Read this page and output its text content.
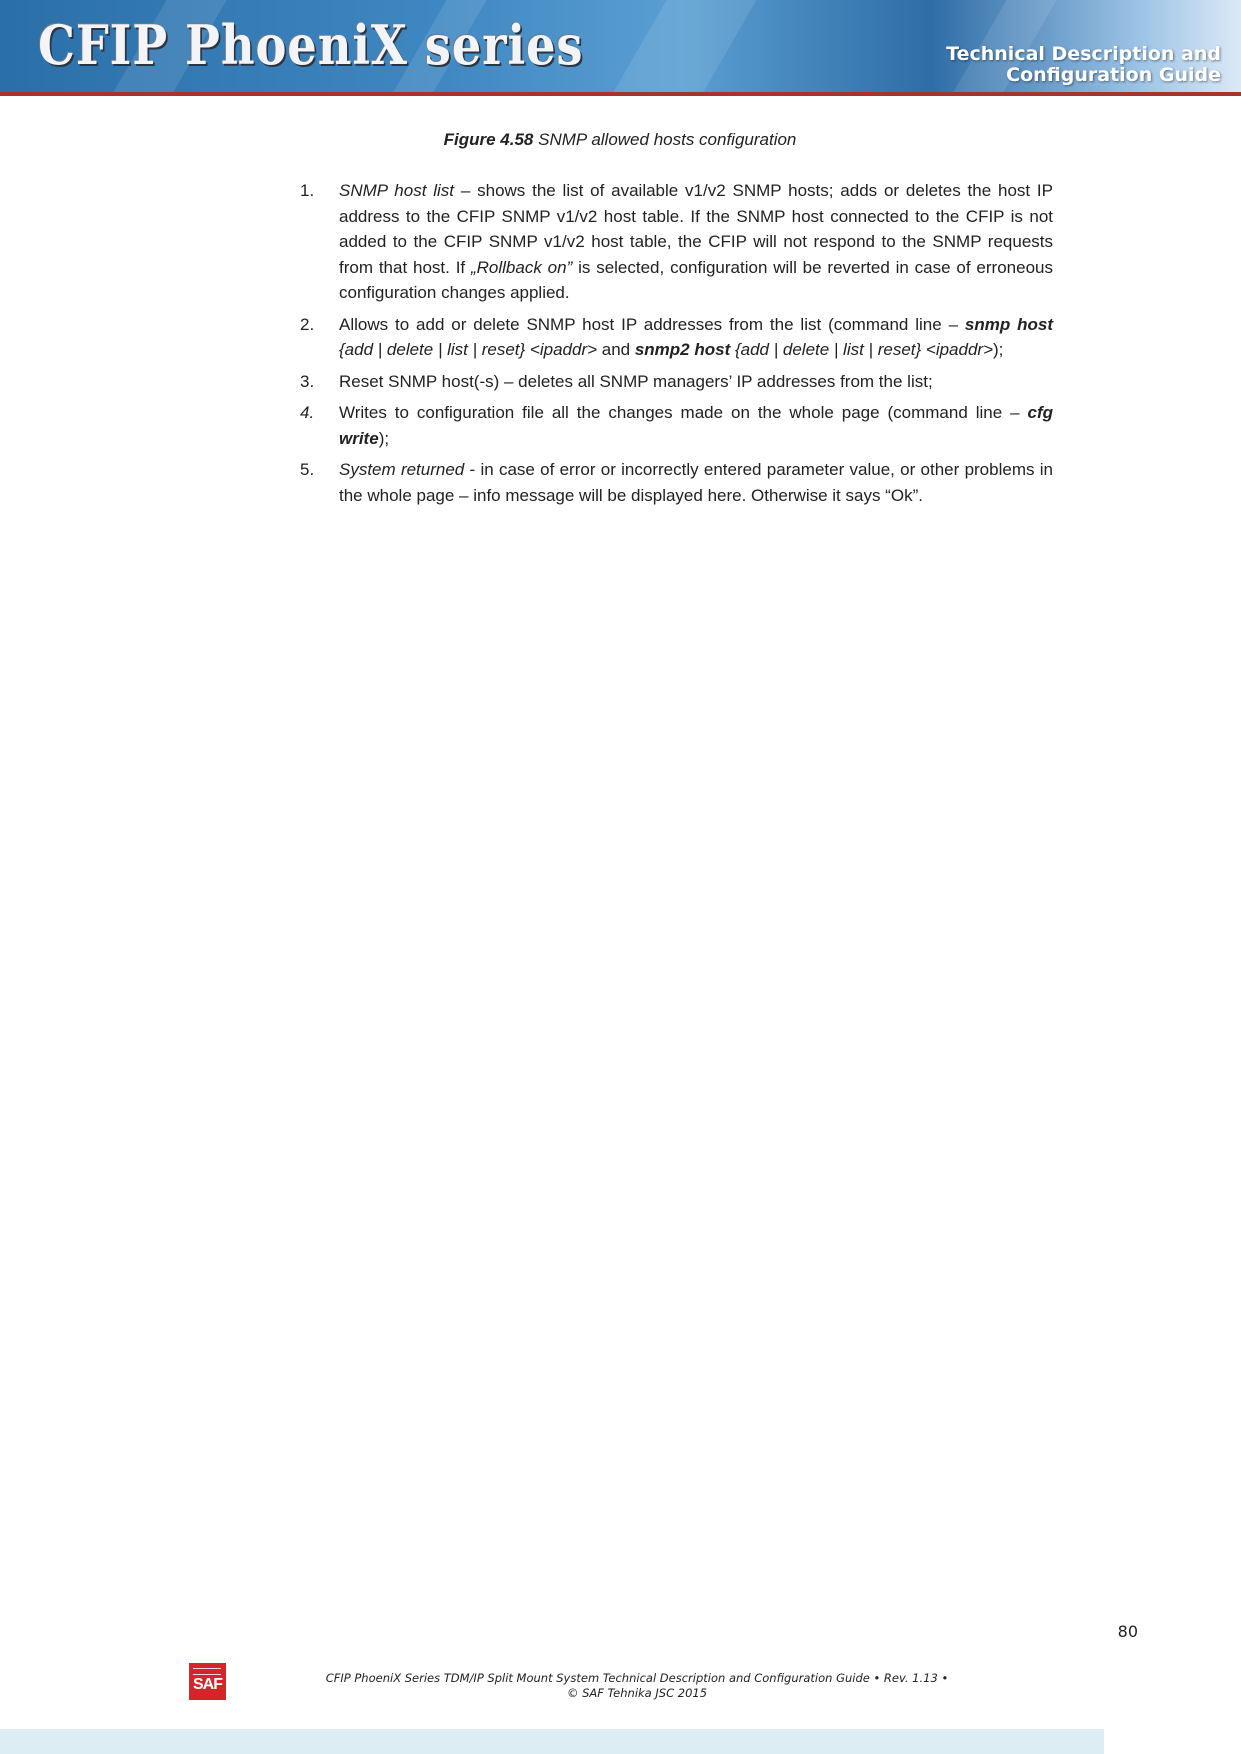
CFIP PhoeniX series	Technical Description and
Configuration Guide
Figure 4.58 SNMP allowed hosts configuration
1. SNMP host list – shows the list of available v1/v2 SNMP hosts; adds or deletes the host IP address to the CFIP SNMP v1/v2 host table. If the SNMP host connected to the CFIP is not added to the CFIP SNMP v1/v2 host table, the CFIP will not respond to the SNMP requests from that host. If „Rollback on” is selected, configuration will be reverted in case of erroneous configuration changes applied.
2. Allows to add or delete SNMP host IP addresses from the list (command line – snmp host {add | delete | list | reset} <ipaddr> and snmp2 host {add | delete | list | reset} <ipaddr>);
3. Reset SNMP host(-s) – deletes all SNMP managers’ IP addresses from the list;
4. Writes to configuration file all the changes made on the whole page (command line – cfg write);
5. System returned - in case of error or incorrectly entered parameter value, or other problems in the whole page – info message will be displayed here. Otherwise it says “Ok”.
80
SAF	CFIP PhoeniX Series TDM/IP Split Mount System Technical Description and Configuration Guide • Rev. 1.13 •
© SAF Tehnika JSC 2015
